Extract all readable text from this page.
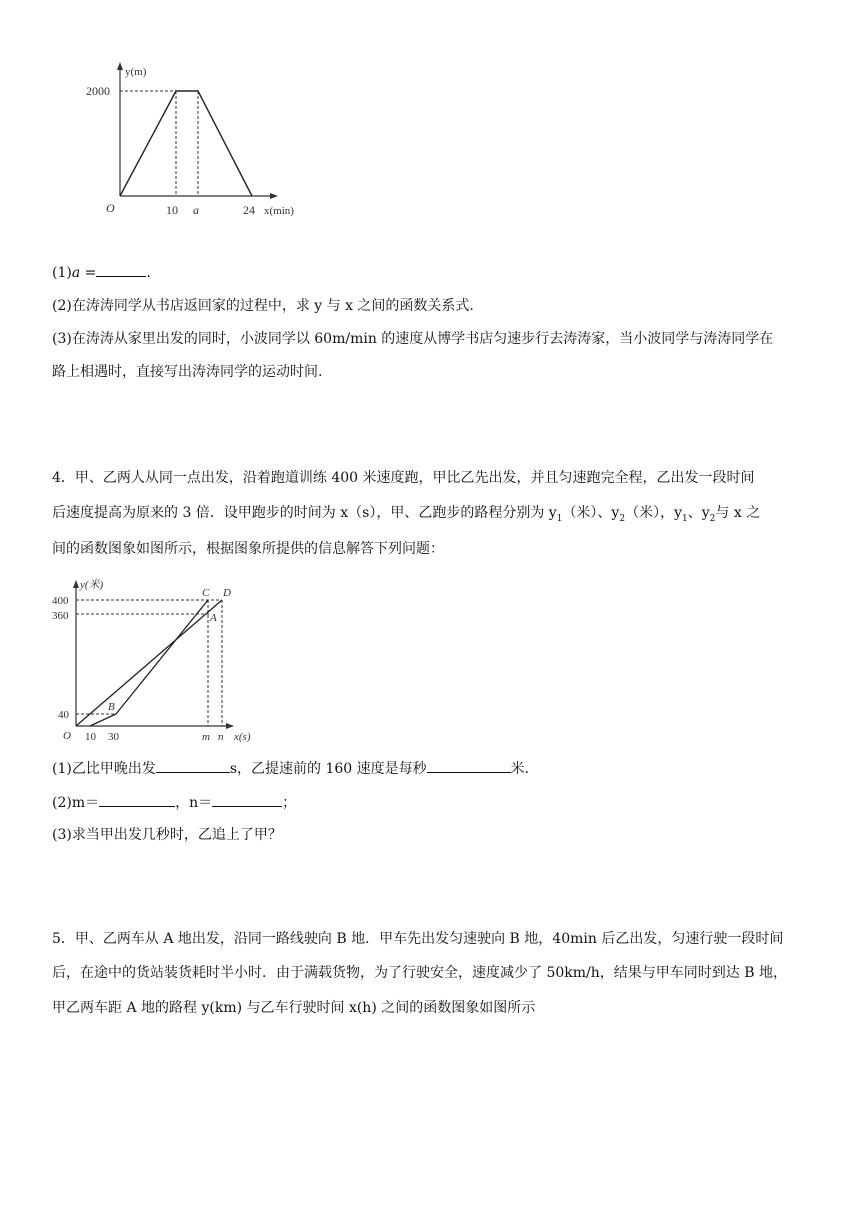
y(m)
2000
O	10 a	24 x(min)
(1)a =	.
(2)在涛涛同学从书店返回家的过程中，求 y 与 x 之间的函数关系式.
(3)在涛涛从家里出发的同时，小波同学以 60m/min 的速度从博学书店匀速步行去涛涛家，当小波同学与涛涛同学在
路上相遇时，直接写出涛涛同学的运动时间.
4．甲、乙两人从同一点出发，沿着跑道训练 400 米速度跑，甲比乙先出发，并且匀速跑完全程，乙出发一段时间
后速度提高为原来的 3 倍．设甲跑步的时间为 x（s），甲、乙跑步的路程分别为 $y_1$（米）、$y_2$（米），$y_1$、$y_2$与 x 之
间的函数图象如图所示，根据图象所提供的信息解答下列问题：
y(米)
400
360
40
C D
A
B
O 10 30	m n x(s)
(1)乙比甲晚出发	s，乙提速前的 160 速度是每秒	米.
(2)m＝	，n＝	；
(3)求当甲出发几秒时，乙追上了甲？
5．甲、乙两车从 A 地出发，沿同一路线驶向 B 地．甲车先出发匀速驶向 B 地，40min 后乙出发，匀速行驶一段时间
后，在途中的货站装货耗时半小时．由于满载货物，为了行驶安全，速度减少了 50km/h，结果与甲车同时到达 B 地，
甲乙两车距 A 地的路程 y(km) 与乙车行驶时间 x(h) 之间的函数图象如图所示
